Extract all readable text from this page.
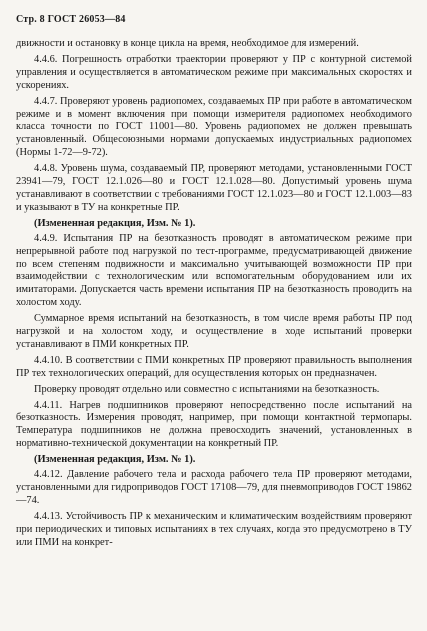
Стр. 8 ГОСТ 26053—84

движности и остановку в конце цикла на время, необходимое для измерений.

4.4.6. Погрешность отработки траектории проверяют у ПР с контурной системой управления и осуществляется в автоматическом режиме при максимальных скоростях и ускорениях.

4.4.7. Проверяют уровень радиопомех, создаваемых ПР при работе в автоматическом режиме и в момент включения при помощи измерителя радиопомех необходимого класса точности по ГОСТ 11001—80. Уровень радиопомех не должен превышать установленный. Общесоюзными нормами допускаемых индустриальных радиопомех (Нормы 1-72—9-72).

4.4.8. Уровень шума, создаваемый ПР, проверяют методами, установленными ГОСТ 23941—79, ГОСТ 12.1.026—80 и ГОСТ 12.1.028—80. Допустимый уровень шума устанавливают в соответствии с требованиями ГОСТ 12.1.023—80 и ГОСТ 12.1.003—83 и указывают в ТУ на конкретные ПР.

(Измененная редакция, Изм. № 1).

4.4.9. Испытания ПР на безотказность проводят в автоматическом режиме при непрерывной работе под нагрузкой по тест-программе, предусматривающей движение по всем степеням подвижности и максимально учитывающей возможности ПР при взаимодействии с технологическим или вспомогательным оборудованием или их имитаторами. Допускается часть времени испытания ПР на безотказность проводить на холостом ходу.

Суммарное время испытаний на безотказность, в том числе время работы ПР под нагрузкой и на холостом ходу, и осуществление в ходе испытаний проверки устанавливают в ПМИ конкретных ПР.

4.4.10. В соответствии с ПМИ конкретных ПР проверяют правильность выполнения ПР тех технологических операций, для осуществления которых он предназначен.

Проверку проводят отдельно или совместно с испытаниями на безотказность.

4.4.11. Нагрев подшипников проверяют непосредственно после испытаний на безотказность. Измерения проводят, например, при помощи контактной термопары. Температура подшипников не должна превосходить значений, установленных в нормативно-технической документации на конкретный ПР.

(Измененная редакция, Изм. № 1).

4.4.12. Давление рабочего тела и расхода рабочего тела ПР проверяют методами, установленными для гидроприводов ГОСТ 17108—79, для пневмоприводов ГОСТ 19862—74.

4.4.13. Устойчивость ПР к механическим и климатическим воздействиям проверяют при периодических и типовых испытаниях в тех случаях, когда это предусмотрено в ТУ или ПМИ на конкрет-
